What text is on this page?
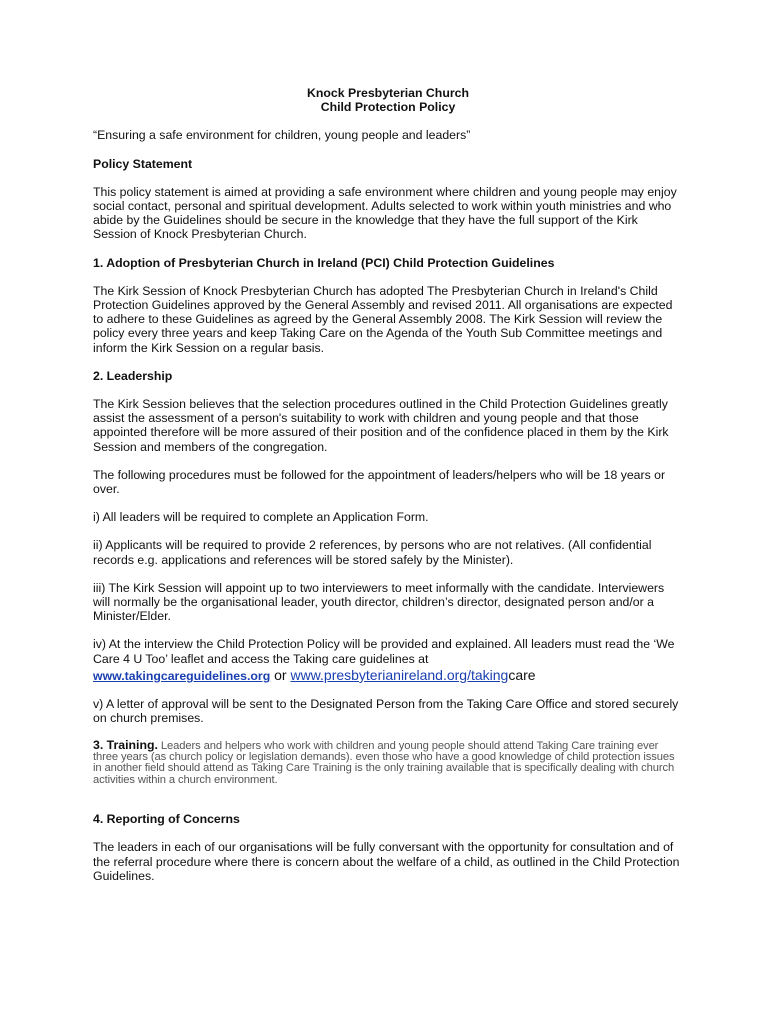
Knock Presbyterian Church
Child Protection Policy

“Ensuring a safe environment for children, young people and leaders”

Policy Statement

This policy statement is aimed at providing a safe environment where children and young people may enjoy social contact, personal and spiritual development. Adults selected to work within youth ministries and who abide by the Guidelines should be secure in the knowledge that they have the full support of the Kirk Session of Knock Presbyterian Church.

1. Adoption of Presbyterian Church in Ireland (PCI) Child Protection Guidelines

The Kirk Session of Knock Presbyterian Church has adopted The Presbyterian Church in Ireland's Child Protection Guidelines approved by the General Assembly and revised 2011. All organisations are expected to adhere to these Guidelines as agreed by the General Assembly 2008. The Kirk Session will review the policy every three years and keep Taking Care on the Agenda of the Youth Sub Committee meetings and inform the Kirk Session on a regular basis.

2. Leadership

The Kirk Session believes that the selection procedures outlined in the Child Protection Guidelines greatly assist the assessment of a person's suitability to work with children and young people and that those appointed therefore will be more assured of their position and of the confidence placed in them by the Kirk Session and members of the congregation.

The following procedures must be followed for the appointment of leaders/helpers who will be 18 years or over.

i) All leaders will be required to complete an Application Form.

ii) Applicants will be required to provide 2 references, by persons who are not relatives. (All confidential records e.g. applications and references will be stored safely by the Minister).

iii) The Kirk Session will appoint up to two interviewers to meet informally with the candidate. Interviewers will normally be the organisational leader, youth director, children’s director, designated person and/or a Minister/Elder.

iv) At the interview the Child Protection Policy will be provided and explained. All leaders must read the ‘We Care 4 U Too’ leaflet and access the Taking care guidelines at

www.takingcareguidelines.org or www.presbyterianireland.org/takingcare

v) A letter of approval will be sent to the Designated Person from the Taking Care Office and stored securely on church premises.

3. Training. Leaders and helpers who work with children and young people should attend Taking Care training ever three years (as church policy or legislation demands). even those who have a good knowledge of child protection issues in another field should attend as Taking Care Training is the only training available that is specifically dealing with church activities within a church environment.

4. Reporting of Concerns

The leaders in each of our organisations will be fully conversant with the opportunity for consultation and of the referral procedure where there is concern about the welfare of a child, as outlined in the Child Protection Guidelines.
